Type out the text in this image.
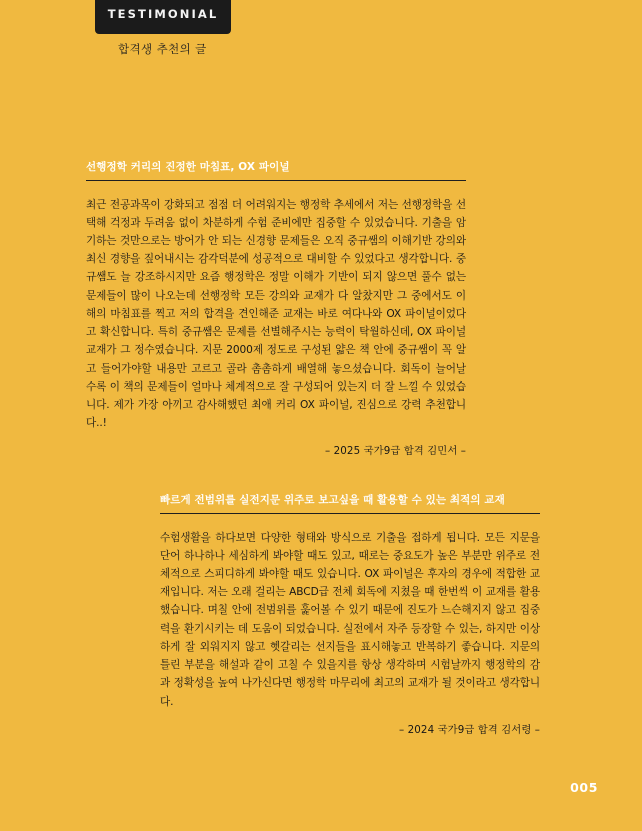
TESTIMONIAL
합격생 추천의 글
선행정학 커리의 진정한 마침표, OX 파이널
최근 전공과목이 강화되고 점점 더 어려워지는 행정학 추세에서 저는 선행정학을 선택해 걱정과 두려움 없이 차분하게 수험 준비에만 집중할 수 있었습니다. 기출을 암기하는 것만으로는 방어가 안 되는 신경향 문제들은 오직 중규쌤의 이해기반 강의와 최신 경향을 짚어내시는 감각덕분에 성공적으로 대비할 수 있었다고 생각합니다. 중규쌤도 늘 강조하시지만 요즘 행정학은 정말 이해가 기반이 되지 않으면 풀수 없는 문제들이 많이 나오는데 선행정학 모든 강의와 교재가 다 알찼지만 그 중에서도 이해의 마침표를 찍고 저의 합격을 견인해준 교재는 바로 여다나와 OX 파이널이었다고 확신합니다. 특히 중규쌤은 문제를 선별해주시는 능력이 탁월하신데, OX 파이널 교재가 그 정수였습니다. 지문 2000제 정도로 구성된 얇은 책 안에 중규쌤이 꼭 알고 들어가야할 내용만 고르고 골라 촘촘하게 배열해 놓으셨습니다. 회독이 늘어날 수록 이 책의 문제들이 얼마나 체계적으로 잘 구성되어 있는지 더 잘 느낄 수 있었습니다. 제가 가장 아끼고 감사해했던 최애 커리 OX 파이널, 진심으로 강력 추천합니다..!
– 2025 국가9급 합격 김민서 –
빠르게 전범위를 실전지문 위주로 보고싶을 때 활용할 수 있는 최적의 교재
수험생활을 하다보면 다양한 형태와 방식으로 기출을 접하게 됩니다. 모든 지문을 단어 하나하나 세심하게 봐야할 때도 있고, 때로는 중요도가 높은 부분만 위주로 전체적으로 스피디하게 봐야할 때도 있습니다. OX 파이널은 후자의 경우에 적합한 교재입니다. 저는 오래 걸리는 ABCD급 전체 회독에 지쳤을 때 한번씩 이 교재를 활용했습니다. 며칠 안에 전범위를 훑어볼 수 있기 때문에 진도가 느슨해지지 않고 집중력을 환기시키는 데 도움이 되었습니다. 실전에서 자주 등장할 수 있는, 하지만 이상하게 잘 외워지지 않고 헷갈리는 선지들을 표시해놓고 반복하기 좋습니다. 지문의 틀린 부분을 해설과 같이 고칠 수 있을지를 항상 생각하며 시험날까지 행정학의 감과 정확성을 높여 나가신다면 행정학 마무리에 최고의 교재가 될 것이라고 생각합니다.
– 2024 국가9급 합격 김서령 –
005
